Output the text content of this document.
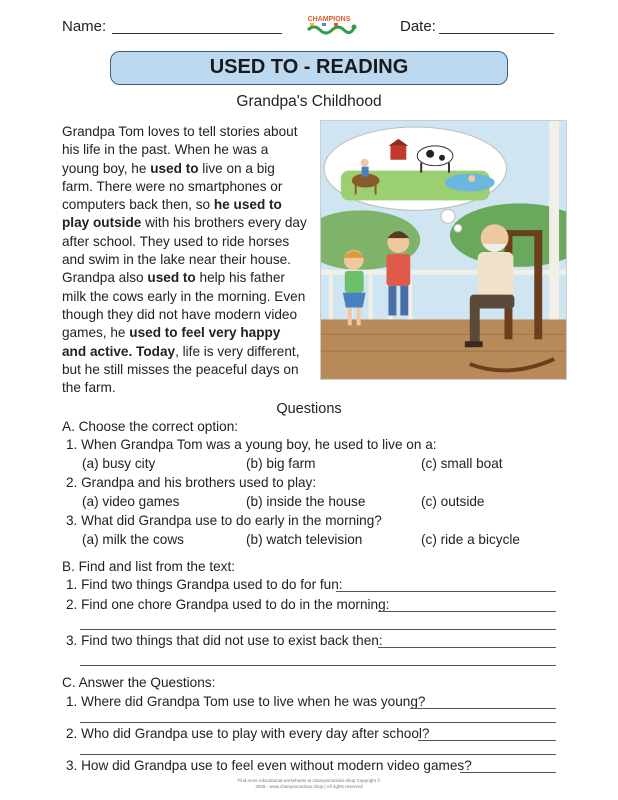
Name:	CHAMPIONS	Date:
USED TO - READING
Grandpa's Childhood

Grandpa Tom loves to tell stories about his life in the past. When he was a young boy, he used to live on a big farm. There were no smartphones or computers back then, so he used to play outside with his brothers every day after school. They used to ride horses and swim in the lake near their house. Grandpa also used to help his father milk the cows early in the morning. Even though they did not have modern video games, he used to feel very happy and active. Today, life is very different, but he still misses the peaceful days on the farm.

Questions
A. Choose the correct option:
1. When Grandpa Tom was a young boy, he used to live on a:
(a) busy city	(b) big farm	(c) small boat
2. Grandpa and his brothers used to play:
(a) video games	(b) inside the house	(c) outside
3. What did Grandpa use to do early in the morning?
(a) milk the cows	(b) watch television	(c) ride a bicycle
B. Find and list from the text:
1. Find two things Grandpa used to do for fun:
2. Find one chore Grandpa used to do in the morning:
3. Find two things that did not use to exist back then:
C. Answer the Questions:
1. Where did Grandpa Tom use to live when he was young?
2. Who did Grandpa use to play with every day after school?
3. How did Grandpa use to feel even without modern video games?
Find more educational worksheets at championsclass.shop Copyright ©
2026 - www.championsclass.shop | All rights reserved
